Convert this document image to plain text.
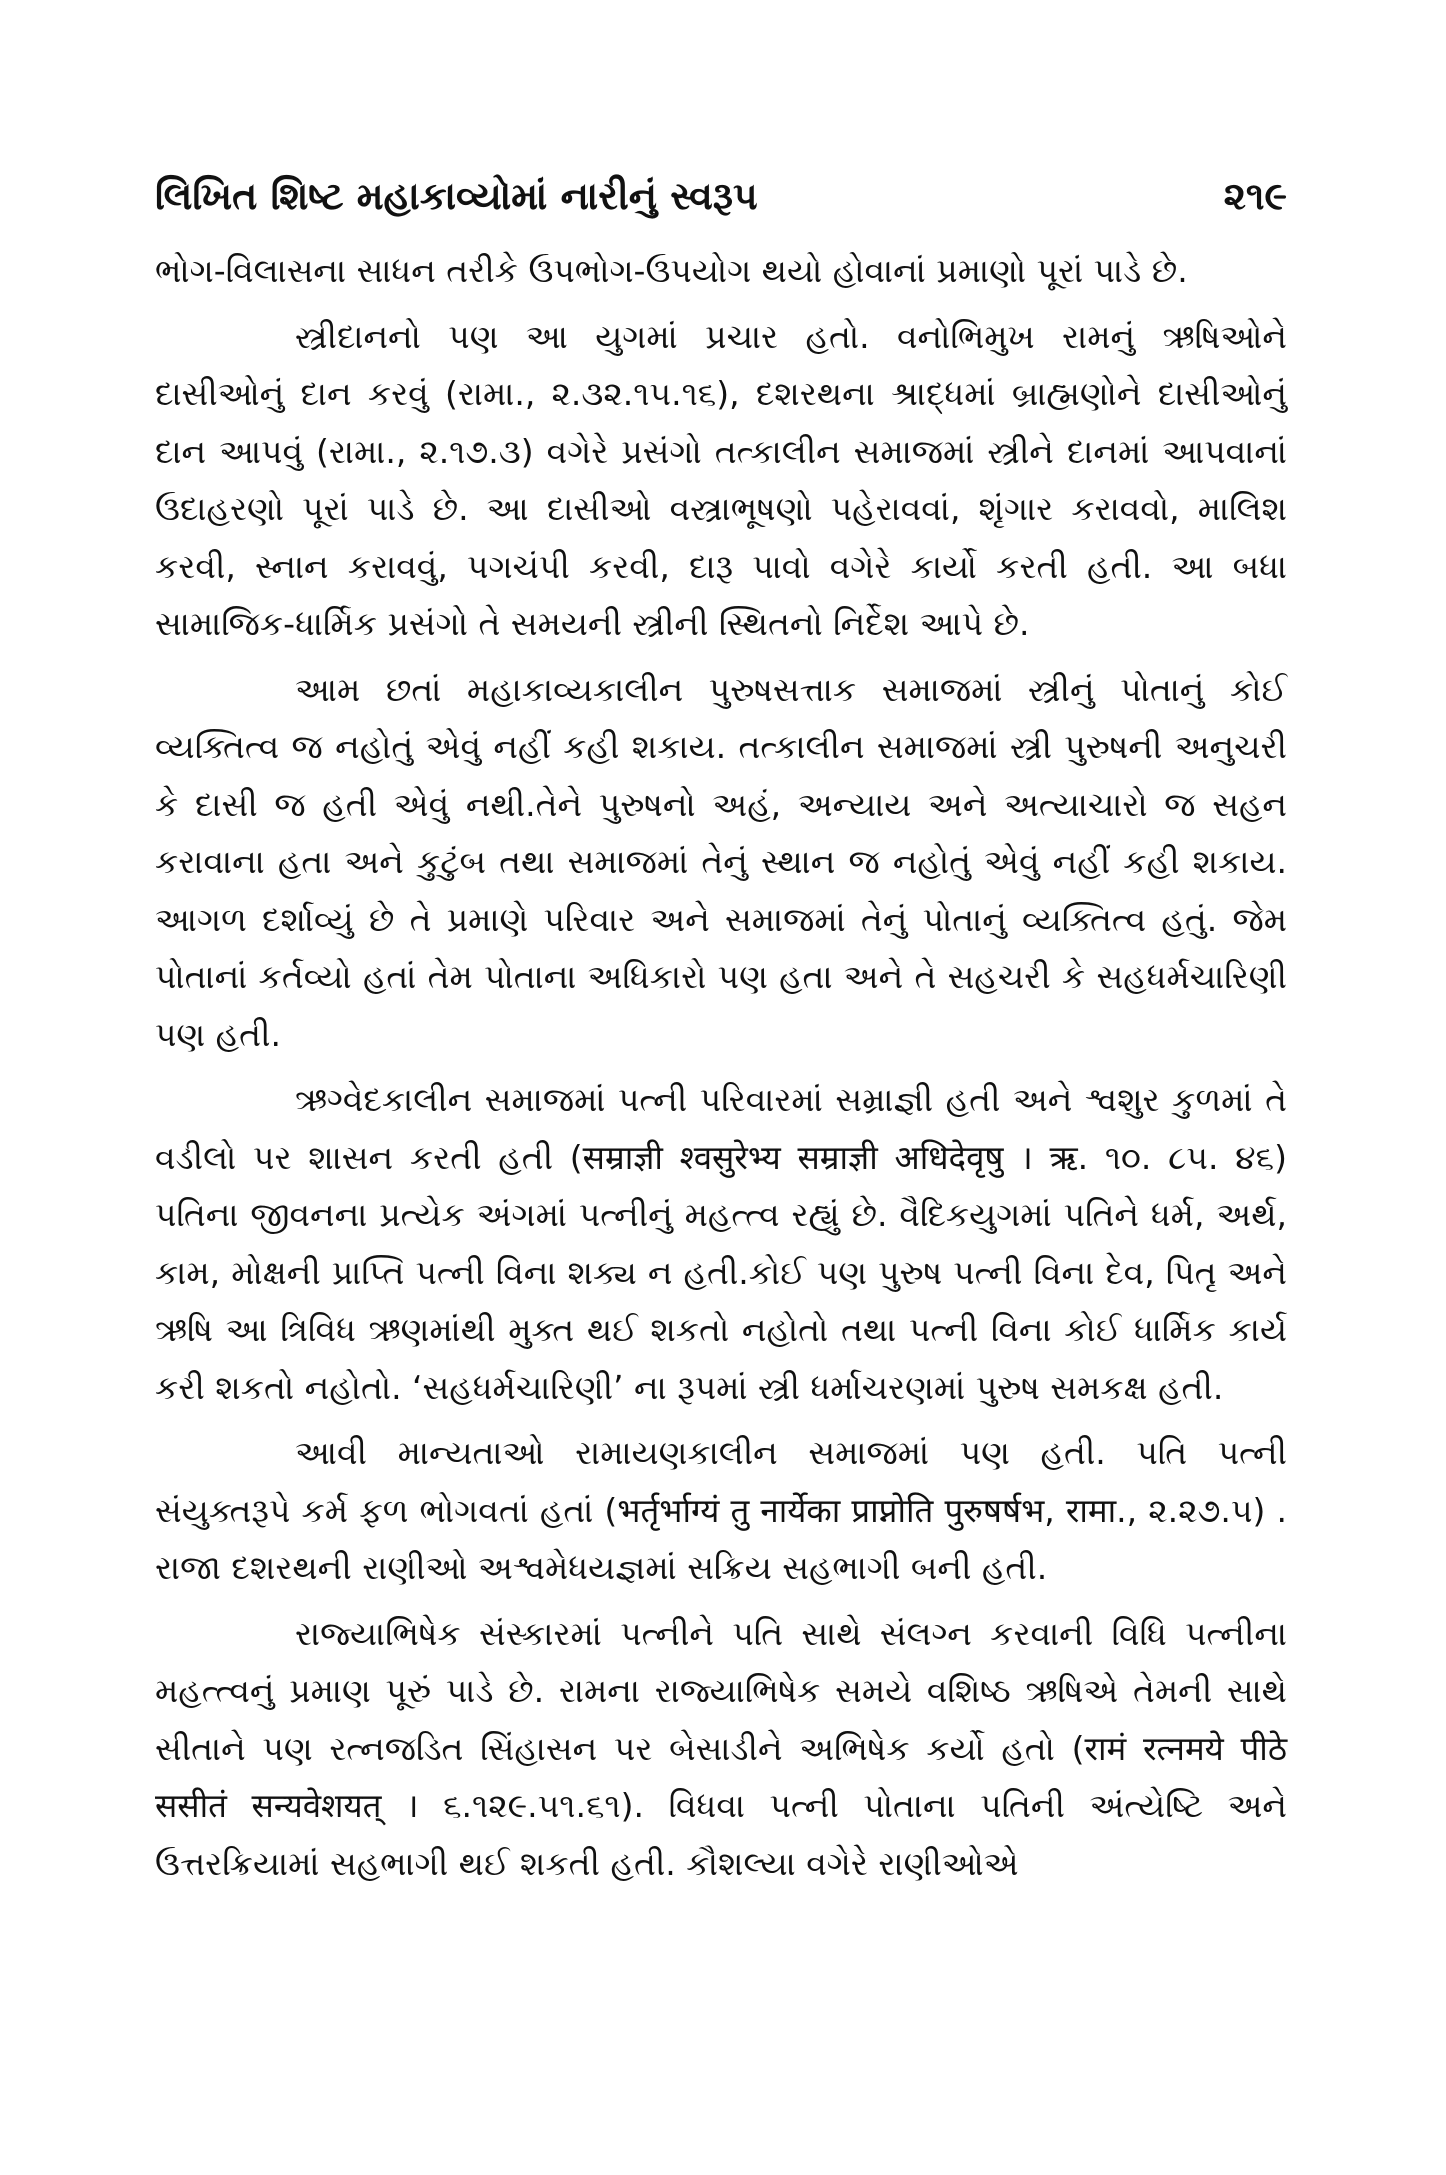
લિખિત શિષ્ટ મહાકાવ્યોમાં નારીનું સ્વરૂપ	૨૧૯

ભોગ-વિલાસના સાધન તરીકે ઉપભોગ-ઉપયોગ થયો હોવાનાં પ્રમાણો પૂરાં પાડે છે.

સ્ત્રીદાનનો પણ આ યુગમાં પ્રચાર હતો. વનોભિમુખ રામનું ઋષિઓને દાસીઓનું દાન કરવું (રામા., ૨.૩૨.૧૫.૧૬), દશરથના શ્રાદ્ધમાં બ્રાહ્મણોને દાસીઓનું દાન આપવું (રામા., ૨.૧૭.૩) વગેરે પ્રસંગો તત્કાલીન સમાજમાં સ્ત્રીને દાનમાં આપવાનાં ઉદાહરણો પૂરાં પાડે છે. આ દાસીઓ વસ્ત્રાભૂષણો પહેરાવવાં, શૃંગાર કરાવવો, માલિશ કરવી, સ્નાન કરાવવું, પગચંપી કરવી, દારૂ પાવો વગેરે કાર્યો કરતી હતી. આ બધા સામાજિક-ધાર્મિક પ્રસંગો તે સમયની સ્ત્રીની સ્થિતનો નિર્દેશ આપે છે.

આમ છતાં મહાકાવ્યકાલીન પુરુષસત્તાક સમાજમાં સ્ત્રીનું પોતાનું કોઈ વ્યક્તિત્વ જ નહોતું એવું નહીં કહી શકાય. તત્કાલીન સમાજમાં સ્ત્રી પુરુષની અનુચરી કે દાસી જ હતી એવું નથી.તેને પુરુષનો અહં, અન્યાય અને અત્યાચારો જ સહન કરાવાના હતા અને કુટુંબ તથા સમાજમાં તેનું સ્થાન જ નહોતું એવું નહીં કહી શકાય. આગળ દર્શાવ્યું છે તે પ્રમાણે પરિવાર અને સમાજમાં તેનું પોતાનું વ્યક્તિત્વ હતું. જેમ પોતાનાં કર્તવ્યો હતાં તેમ પોતાના અધિકારો પણ હતા અને તે સહચરી કે સહધર્મચારિણી પણ હતી.

ઋગ્વેદકાલીન સમાજમાં પત્ની પરિવારમાં સમ્રાજ્ઞી હતી અને શ્વશુર કુળમાં તે વડીલો પર શાસન કરતી હતી (सम्राज्ञी श्वसुरेभ्य सम्राज्ञी अधिदेवृषु । ऋ. ૧૦. ૮૫. ૪૬) પતિના જીવનના પ્રત્યેક અંગમાં પત્નીનું મહત્ત્વ રહ્યું છે. વૈદિકયુગમાં પતિને ધર્મ, અર્થ, કામ, મોક્ષની પ્રાપ્તિ પત્ની વિના શક્ય ન હતી.કોઈ પણ પુરુષ પત્ની વિના દેવ, પિતૃ અને ઋષિ આ ત્રિવિધ ઋણમાંથી મુક્ત થઈ શકતો નહોતો તથા પત્ની વિના કોઈ ધાર્મિક કાર્ય કરી શકતો નહોતો. ‘સહધર્મચારિણી’ ના રૂપમાં સ્ત્રી ધર્માચરણમાં પુરુષ સમકક્ષ હતી.

આવી માન્યતાઓ રામાયણકાલીન સમાજમાં પણ હતી. પતિ પત્ની સંયુક્તરૂપે કર્મ ફળ ભોગવતાં હતાં (भर्तृर्भाग्यं तु नार्येका प्राप्नोति पुरुषर्षभ, रामा., ૨.૨૭.૫) . રાજા દશરથની રાણીઓ અશ્વમેધયજ્ઞમાં સક્રિય સહભાગી બની હતી.

રાજ્યાભિષેક સંસ્કારમાં પત્નીને પતિ સાથે સંલગ્ન કરવાની વિધિ પત્નીના મહત્ત્વનું પ્રમાણ પૂરું પાડે છે. રામના રાજ્યાભિષેક સમયે વશિષ્ઠ ઋષિએ તેમની સાથે સીતાને પણ રત્નજડિત સિંહાસન પર બેસાડીને અભિષેક કર્યો હતો (रामं रत्नमये पीठे ससीतं सन्यवेशयत् । ૬.૧૨૯.૫૧.૬૧). વિધવા પત્ની પોતાના પતિની અંત્યેષ્ટિ અને ઉત્તરક્રિયામાં સહભાગી થઈ શકતી હતી. કૌશલ્યા વગેરે રાણીઓએ
